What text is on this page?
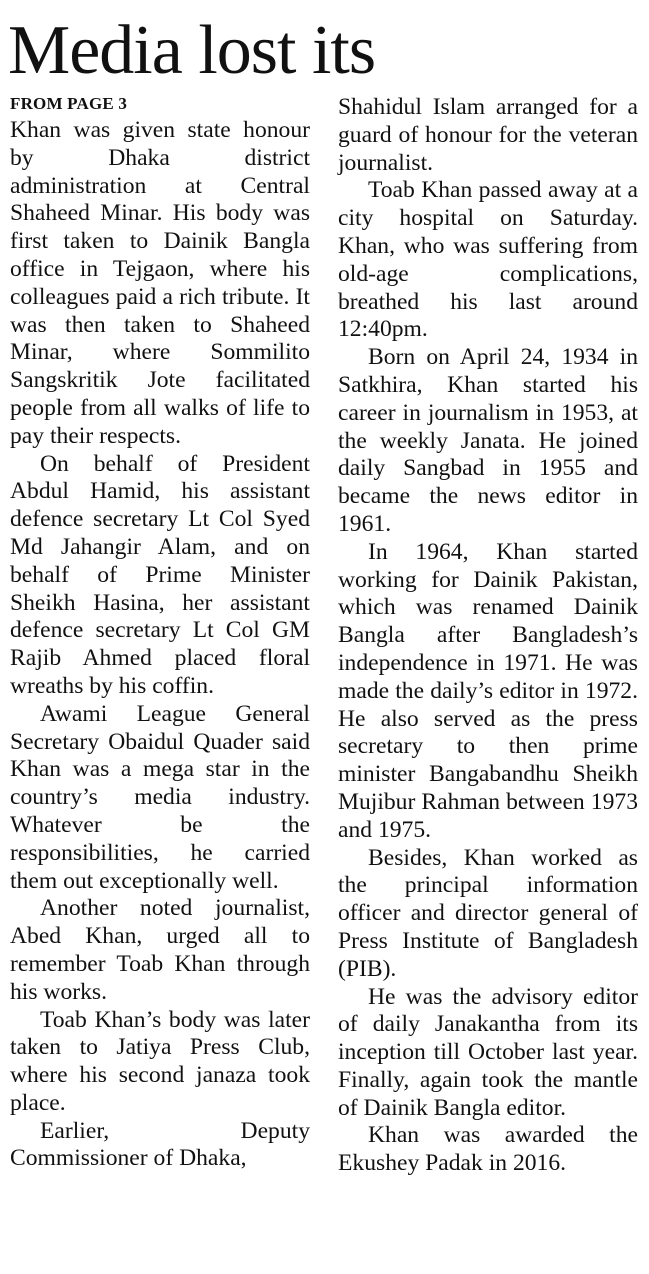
Media lost its
FROM PAGE 3

Khan was given state honour by Dhaka district administration at Central Shaheed Minar. His body was first taken to Dainik Bangla office in Tejgaon, where his colleagues paid a rich tribute. It was then taken to Shaheed Minar, where Sommilito Sangskritik Jote facilitated people from all walks of life to pay their respects.

On behalf of President Abdul Hamid, his assistant defence secretary Lt Col Syed Md Jahangir Alam, and on behalf of Prime Minister Sheikh Hasina, her assistant defence secretary Lt Col GM Rajib Ahmed placed floral wreaths by his coffin.

Awami League General Secretary Obaidul Quader said Khan was a mega star in the country’s media industry. Whatever be the responsibilities, he carried them out exceptionally well.

Another noted journalist, Abed Khan, urged all to remember Toab Khan through his works.

Toab Khan’s body was later taken to Jatiya Press Club, where his second janaza took place.

Earlier, Deputy Commissioner of Dhaka,

Shahidul Islam arranged for a guard of honour for the veteran journalist.

Toab Khan passed away at a city hospital on Saturday. Khan, who was suffering from old-age complications, breathed his last around 12:40pm.

Born on April 24, 1934 in Satkhira, Khan started his career in journalism in 1953, at the weekly Janata. He joined daily Sangbad in 1955 and became the news editor in 1961.

In 1964, Khan started working for Dainik Pakistan, which was renamed Dainik Bangla after Bangladesh’s independence in 1971. He was made the daily’s editor in 1972. He also served as the press secretary to then prime minister Bangabandhu Sheikh Mujibur Rahman between 1973 and 1975.

Besides, Khan worked as the principal information officer and director general of Press Institute of Bangladesh (PIB).

He was the advisory editor of daily Janakantha from its inception till October last year. Finally, again took the mantle of Dainik Bangla editor.

Khan was awarded the Ekushey Padak in 2016.
